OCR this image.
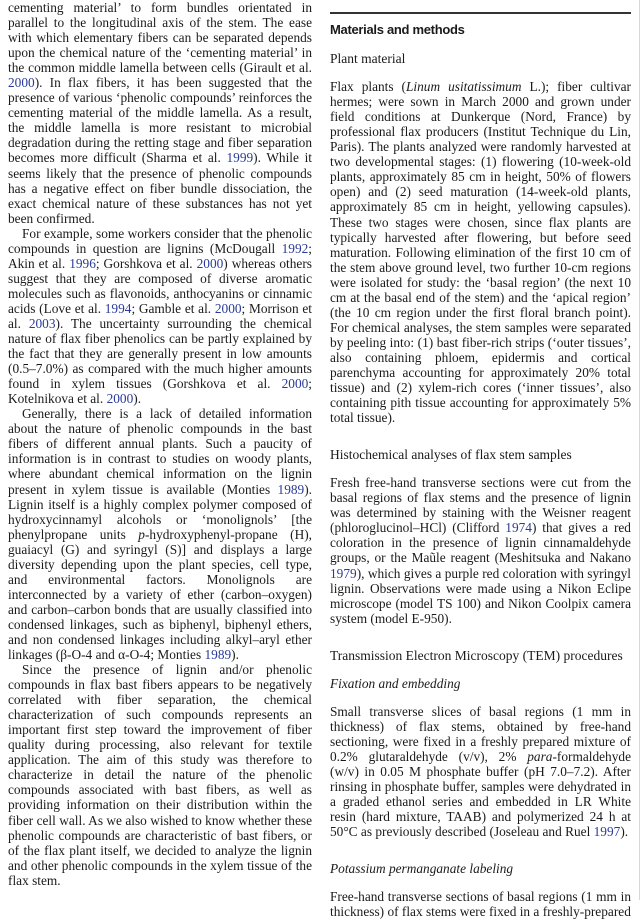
cementing material’ to form bundles orientated in parallel to the longitudinal axis of the stem. The ease with which elementary fibers can be separated depends upon the chemical nature of the ‘cementing material’ in the common middle lamella between cells (Girault et al. 2000). In flax fibers, it has been suggested that the presence of various ‘phenolic compounds’ reinforces the cementing material of the middle lamella. As a result, the middle lamella is more resistant to microbial degradation during the retting stage and fiber separation becomes more difficult (Sharma et al. 1999). While it seems likely that the presence of phenolic compounds has a negative effect on fiber bundle dissociation, the exact chemical nature of these substances has not yet been confirmed.

For example, some workers consider that the phenolic compounds in question are lignins (McDougall 1992; Akin et al. 1996; Gorshkova et al. 2000) whereas others suggest that they are composed of diverse aromatic molecules such as flavonoids, anthocyanins or cinnamic acids (Love et al. 1994; Gamble et al. 2000; Morrison et al. 2003). The uncertainty surrounding the chemical nature of flax fiber phenolics can be partly explained by the fact that they are generally present in low amounts (0.5–7.0%) as compared with the much higher amounts found in xylem tissues (Gorshkova et al. 2000; Kotelnikova et al. 2000).

Generally, there is a lack of detailed information about the nature of phenolic compounds in the bast fibers of different annual plants. Such a paucity of information is in contrast to studies on woody plants, where abundant chemical information on the lignin present in xylem tissue is available (Monties 1989). Lignin itself is a highly complex polymer composed of hydroxycinnamyl alcohols or ‘monolignols’ [the phenylpropane units p-hydroxyphenyl-propane (H), guaiacyl (G) and syringyl (S)] and displays a large diversity depending upon the plant species, cell type, and environmental factors. Monolignols are interconnected by a variety of ether (carbon–oxygen) and carbon–carbon bonds that are usually classified into condensed linkages, such as biphenyl, biphenyl ethers, and non condensed linkages including alkyl–aryl ether linkages (β-O-4 and α-O-4; Monties 1989).

Since the presence of lignin and/or phenolic compounds in flax bast fibers appears to be negatively correlated with fiber separation, the chemical characterization of such compounds represents an important first step toward the improvement of fiber quality during processing, also relevant for textile application. The aim of this study was therefore to characterize in detail the nature of the phenolic compounds associated with bast fibers, as well as providing information on their distribution within the fiber cell wall. As we also wished to know whether these phenolic compounds are characteristic of bast fibers, or of the flax plant itself, we decided to analyze the lignin and other phenolic compounds in the xylem tissue of the flax stem.

Materials and methods
Plant material

Flax plants (Linum usitatissimum L.); fiber cultivar hermes; were sown in March 2000 and grown under field conditions at Dunkerque (Nord, France) by professional flax producers (Institut Technique du Lin, Paris). The plants analyzed were randomly harvested at two developmental stages: (1) flowering (10-week-old plants, approximately 85 cm in height, 50% of flowers open) and (2) seed maturation (14-week-old plants, approximately 85 cm in height, yellowing capsules). These two stages were chosen, since flax plants are typically harvested after flowering, but before seed maturation. Following elimination of the first 10 cm of the stem above ground level, two further 10-cm regions were isolated for study: the ‘basal region’ (the next 10 cm at the basal end of the stem) and the ‘apical region’ (the 10 cm region under the first floral branch point). For chemical analyses, the stem samples were separated by peeling into: (1) bast fiber-rich strips (‘outer tissues’, also containing phloem, epidermis and cortical parenchyma accounting for approximately 20% total tissue) and (2) xylem-rich cores (‘inner tissues’, also containing pith tissue accounting for approximately 5% total tissue).

Histochemical analyses of flax stem samples

Fresh free-hand transverse sections were cut from the basal regions of flax stems and the presence of lignin was determined by staining with the Weisner reagent (phloroglucinol–HCl) (Clifford 1974) that gives a red coloration in the presence of lignin cinnamaldehyde groups, or the Maũle reagent (Meshitsuka and Nakano 1979), which gives a purple red coloration with syringyl lignin. Observations were made using a Nikon Eclipe microscope (model TS 100) and Nikon Coolpix camera system (model E-950).

Transmission Electron Microscopy (TEM) procedures
Fixation and embedding

Small transverse slices of basal regions (1 mm in thickness) of flax stems, obtained by free-hand sectioning, were fixed in a freshly prepared mixture of 0.2% glutaraldehyde (v/v), 2% para-formaldehyde (w/v) in 0.05 M phosphate buffer (pH 7.0–7.2). After rinsing in phosphate buffer, samples were dehydrated in a graded ethanol series and embedded in LR White resin (hard mixture, TAAB) and polymerized 24 h at 50°C as previously described (Joseleau and Ruel 1997).

Potassium permanganate labeling

Free-hand transverse sections of basal regions (1 mm in thickness) of flax stems were fixed in a freshly-prepared
